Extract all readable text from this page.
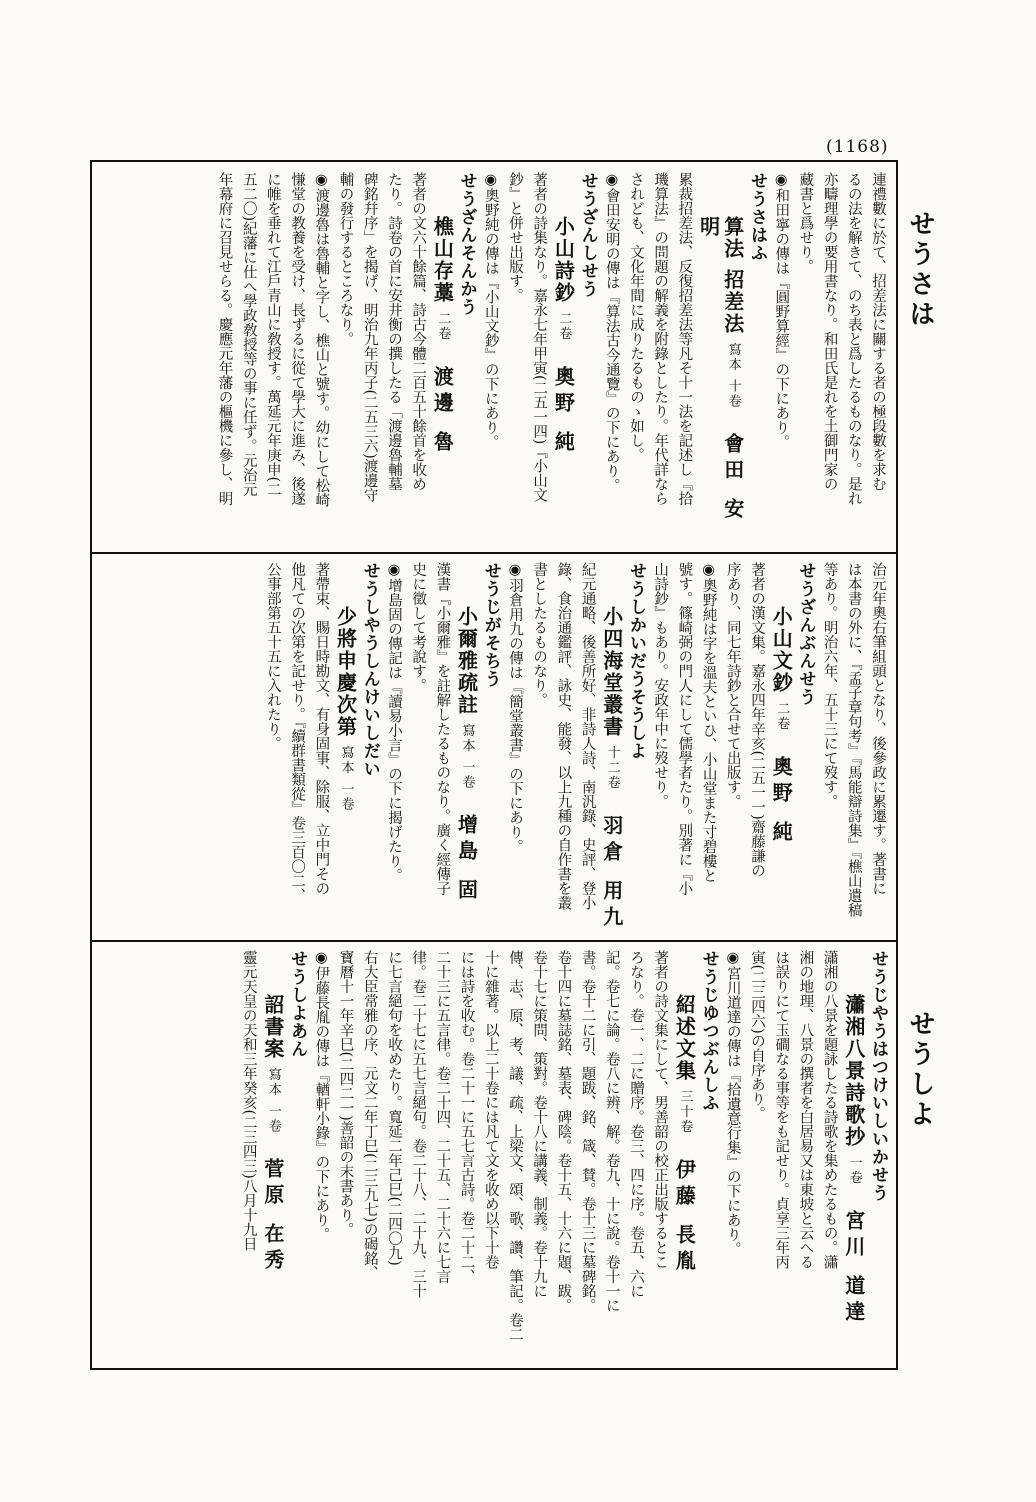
(1168)
せうさは
せうしよ
連禮數に於て、招差法に關する者の極段數を求む
るの法を解きて、のち表と爲したるものなり。是れ
亦疇理學の要用書なり。和田氏是れを土御門家の
藏書と爲せり。
◉和田寧の傳は『圓野算經』の下にあり。
せうさはふ
算法 招差法寫本 十卷會田 安明
累裁招差法、反復招差法等凡そ十一法を記述し『拾
璣算法』の問題の解義を附錄としたり。年代詳なら
されども、文化年間に成りたるものゝ如し。
◉會田安明の傳は『算法古今通覽』の下にあり。
せうざんしせう
小山詩鈔二卷奧野 純
著者の詩集なり。嘉永七年甲寅(二五一四)『小山文
鈔』と併せ出版す。
◉奧野純の傳は『小山文鈔』の下にあり。
せうざんそんかう
樵山存藁二卷渡邊 魯
著者の文六十餘篇、詩古今體二百五十餘首を收め
たり。詩卷の首に安井衡の撰したる「渡邊魯輔墓
碑銘幷序」を揭げ、明治九年丙子(二五三六)渡邊守
輔の發行するところなり。
◉渡邊魯は魯輔と字し、樵山と號す。幼にして松崎
慊堂の教養を受け、長ずるに從て學大に進み、後遂
に帷を垂れて江戶青山に敎授す。萬延元年庚申(二
五二〇)紀藩に仕へ學政敎授等の事に任ず。元治元
年幕府に召見せらる。慶應元年藩の樞機に參し、明
治元年奧右筆組頭となり、後參政に累遷す。著書に
は本書の外に、『孟子章句考』『馬能辯詩集』『樵山遺稿
等あり。明治六年、五十三にて歿す。
せうざんぶんせう
小山文鈔二卷奧野 純
著者の漢文集。嘉永四年辛亥(二五一一)齋藤謙の
序あり、同七年詩鈔と合せて出版す。
◉奧野純は字を溫夫といひ、小山堂また寸碧樓と
號す。篠崎弼の門人にして儒學者たり。別著に『小
山詩鈔』もあり。安政年中に歿せり。
せうしかいだうそうしよ
小四海堂叢書十二卷羽倉 用九
紀元通略、後善所好、非詩人詩、南汎錄、史評、登小
錄、食治通鑑評、詠史、能發、以上九種の自作書を叢
書としたるものなり。
◉羽倉用九の傳は『簡堂叢書』の下にあり。
せうじがそちう
小爾雅疏註寫本 一卷增島 固
漢書『小爾雅』を註解したるものなり。廣く經傳子
史に徵して考說す。
◉增島固の傳記は『讀易小言』の下に揭げたり。
せうしやうしんけいしだい
少將申慶次第寫本 一卷
著帶束、賜日時勘文、有身固事、除服、立中門その
他凡ての次第を記せり。『續群書類從』卷三百〇二、
公事部第五十五に入れたり。
せうじやうはつけいしいかせう
瀟湘八景詩歌抄一卷宮川 道達
瀟湘の八景を題詠したる詩歌を集めたるもの。瀟
湘の地理、八景の撰者を白居易又は東坡と云へる
は誤りにて玉磵なる事等をも記せり。貞享三年丙
寅(二三四六)の自序あり。
◉宮川道達の傳は『拾遺意行集』の下にあり。
せうじゆつぶんしふ
紹述文集三十卷伊藤 長胤
著者の詩文集にして、男善韶の校正出版するとこ
ろなり。卷一、二に贈序。卷三、四に序。卷五、六に
記。卷七に論。卷八に辨、解。卷九、十に說。卷十一に
書。卷十二に引、題跋、銘、箴、賛。卷十三に墓碑銘。
卷十四に墓誌銘、墓表、碑陰。卷十五、十六に題、跋。
卷十七に策問、策對。卷十八に講義、制義。卷十九に
傳、志、原、考、議、疏、上梁文、頌、歌、讚、筆記。卷二
十に雜著。以上二十卷には凡て文を收め以下十卷
には詩を收む。卷二十一に五七言古詩。卷二十二、
二十三に五言律。卷二十四、二十五、二十六に七言
律。卷二十七に五七言絕句。卷二十八、二十九、三十
に七言絕句を收めたり。寬延二年己巳(二四〇九)
右大臣常雅の序、元文二年丁巳(二三九七)の碣銘、
寶曆十一年辛巳(二四二一)善韶の末書あり。
◉伊藤長胤の傳は『輶軒小錄』の下にあり。
せうしよあん
詔書案寫本 一卷菅原 在秀
靈元天皇の天和三年癸亥(二三四三)八月十九日
